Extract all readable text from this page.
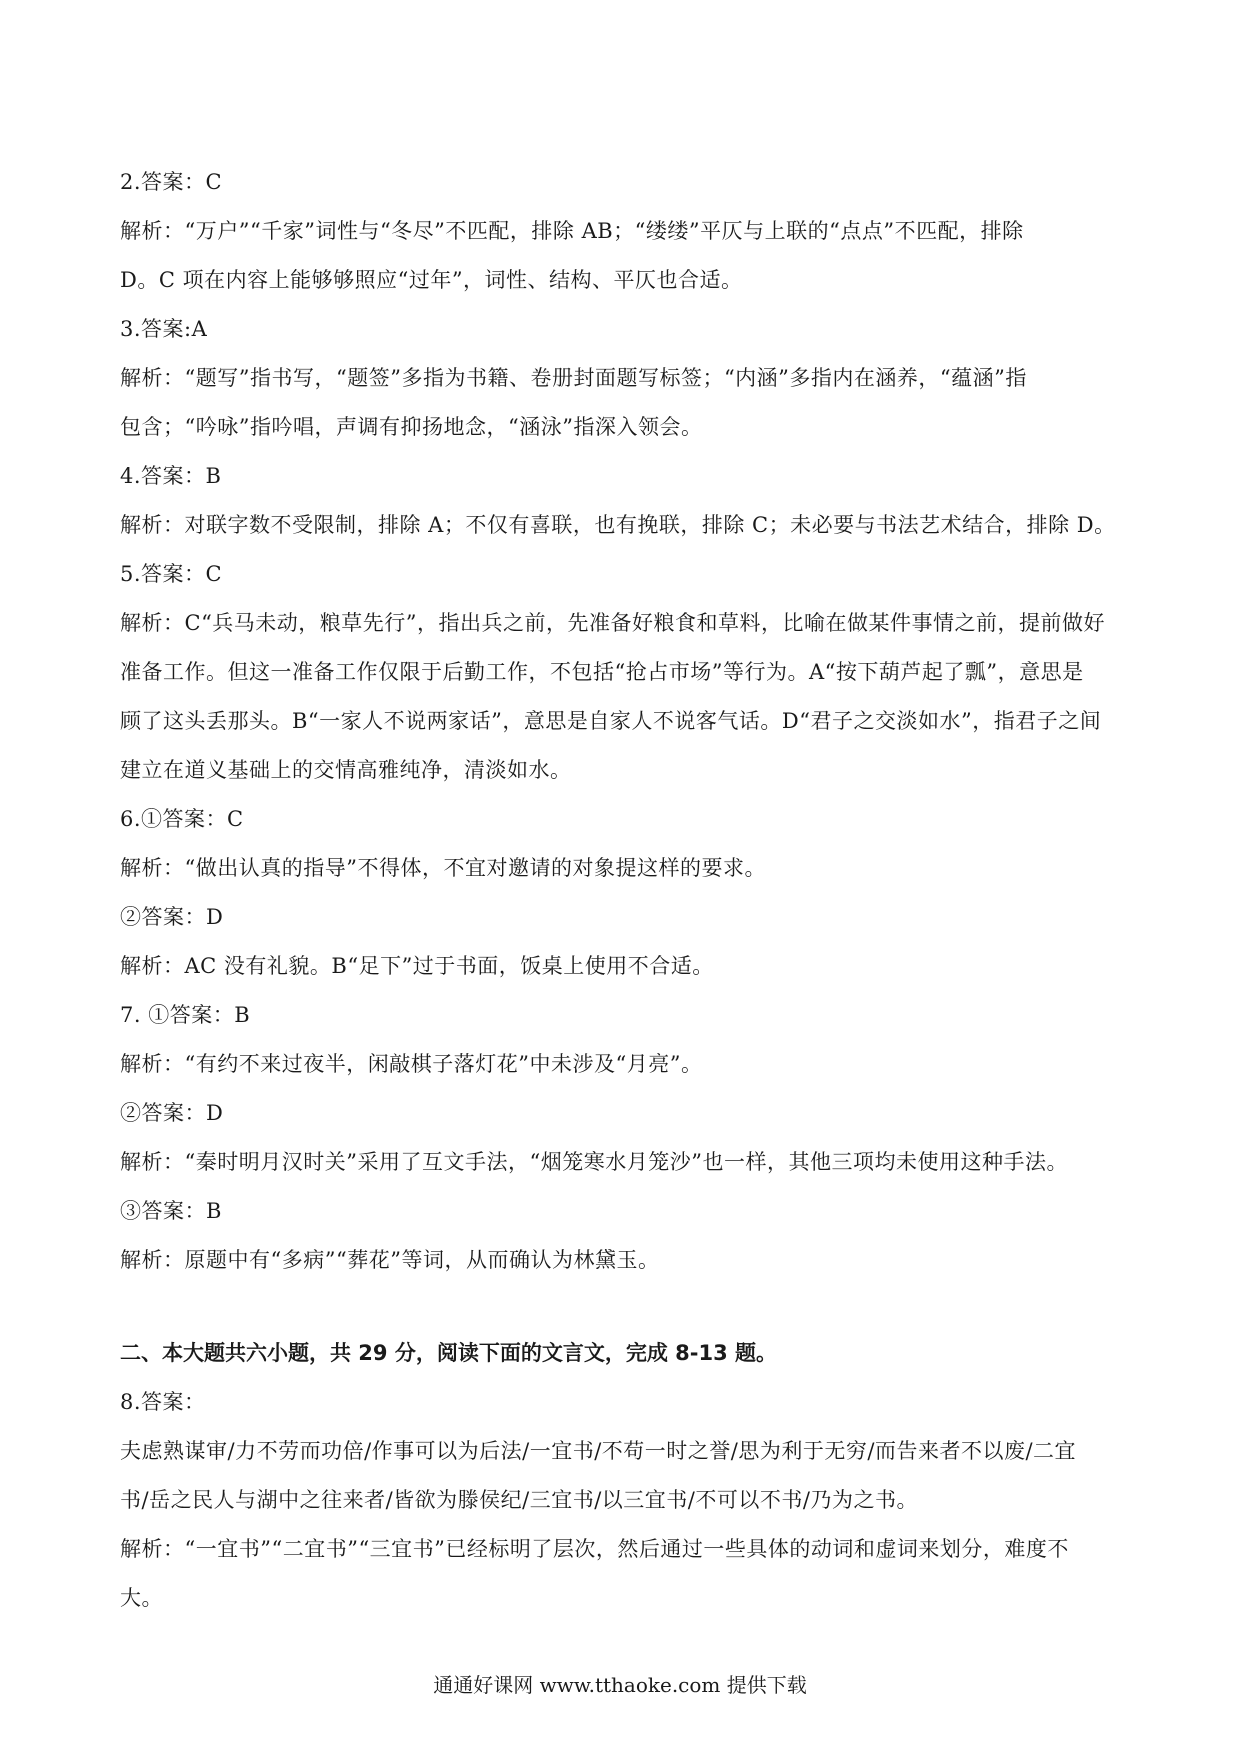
2.答案：C
解析：“万户”“千家”词性与“冬尽”不匹配，排除 AB；“缕缕”平仄与上联的“点点”不匹配，排除
D。C 项在内容上能够够照应“过年”，词性、结构、平仄也合适。
3.答案:A
解析：“题写”指书写，“题签”多指为书籍、卷册封面题写标签；“内涵”多指内在涵养，“蕴涵”指
包含；“吟咏”指吟唱，声调有抑扬地念，“涵泳”指深入领会。
4.答案：B
解析：对联字数不受限制，排除 A；不仅有喜联，也有挽联，排除 C；未必要与书法艺术结合，排除 D。
5.答案：C
解析：C“兵马未动，粮草先行”，指出兵之前，先准备好粮食和草料，比喻在做某件事情之前，提前做好
准备工作。但这一准备工作仅限于后勤工作，不包括“抢占市场”等行为。A“按下葫芦起了瓢”，意思是
顾了这头丢那头。B“一家人不说两家话”，意思是自家人不说客气话。D“君子之交淡如水”，指君子之间
建立在道义基础上的交情高雅纯净，清淡如水。
6.①答案：C
解析：“做出认真的指导”不得体，不宜对邀请的对象提这样的要求。
②答案：D
解析：AC 没有礼貌。B“足下”过于书面，饭桌上使用不合适。
7. ①答案：B
解析：“有约不来过夜半，闲敲棋子落灯花”中未涉及“月亮”。
②答案：D
解析：“秦时明月汉时关”采用了互文手法，“烟笼寒水月笼沙”也一样，其他三项均未使用这种手法。
③答案：B
解析：原题中有“多病”“葬花”等词，从而确认为林黛玉。
二、本大题共六小题，共 29 分，阅读下面的文言文，完成 8-13 题。
8.答案：
夫虑熟谋审/力不劳而功倍/作事可以为后法/一宜书/不苟一时之誉/思为利于无穷/而告来者不以废/二宜
书/岳之民人与湖中之往来者/皆欲为滕侯纪/三宜书/以三宜书/不可以不书/乃为之书。
解析：“一宜书”“二宜书”“三宜书”已经标明了层次，然后通过一些具体的动词和虚词来划分，难度不
大。
通通好课网 www.tthaoke.com 提供下载
